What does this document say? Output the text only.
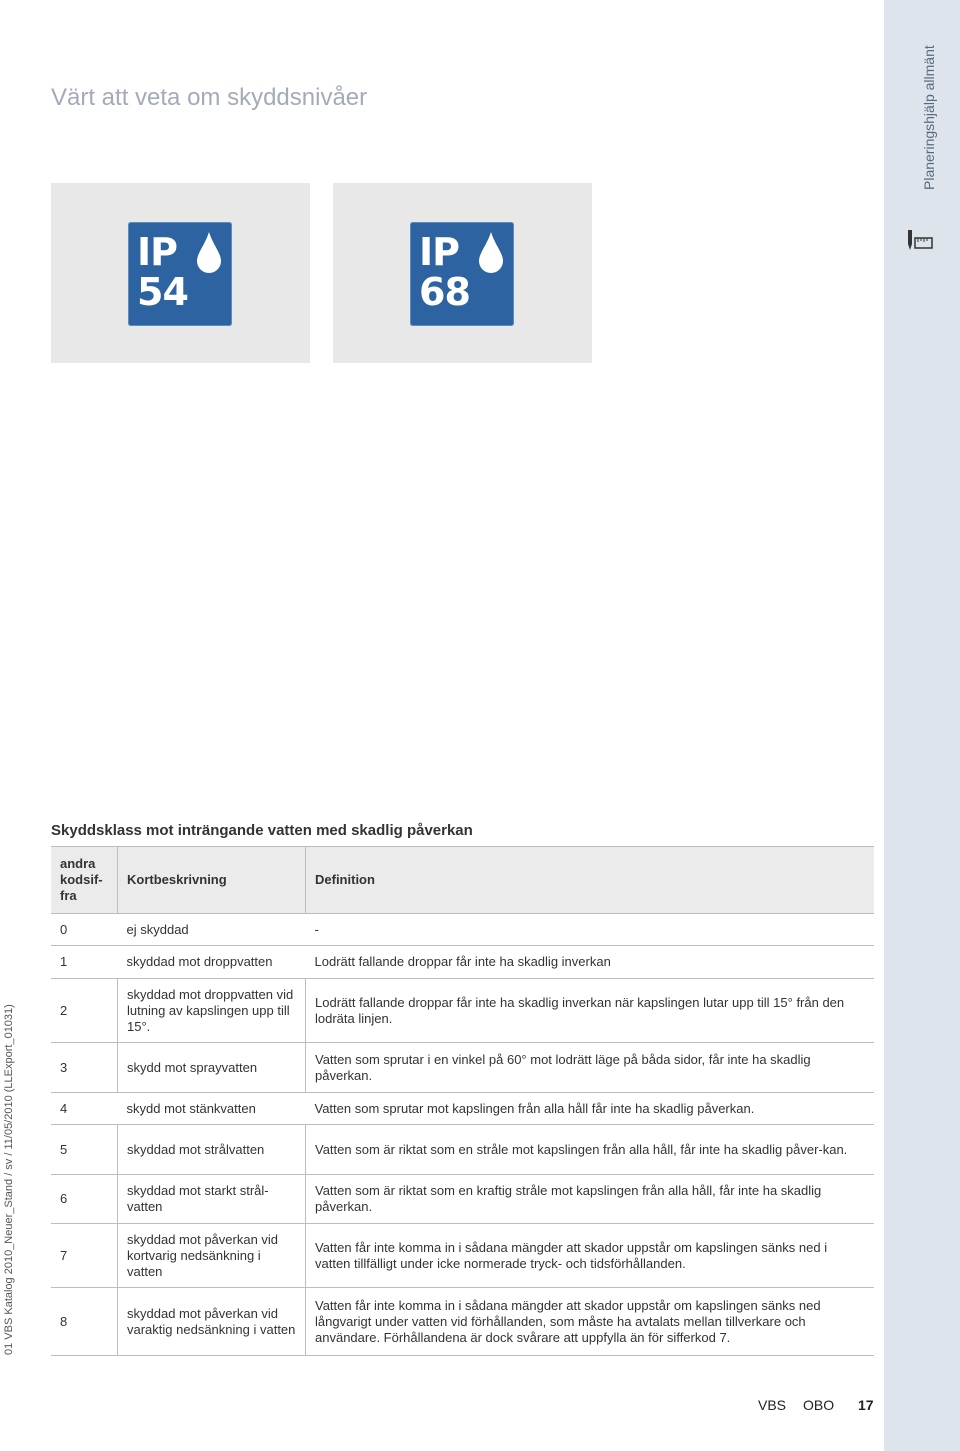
Planeringshjälp allmänt
01 VBS Katalog 2010_Neuer_Stand / sv / 11/05/2010 (LLExport_01031)
Värt att veta om skyddsnivåer
IP
54
IP
68
Skyddsklass mot inträngande vatten med skadlig påverkan
andra kodsif-fra	Kortbeskrivning	Definition
0	ej skyddad	-
1	skyddad mot droppvatten	Lodrätt fallande droppar får inte ha skadlig inverkan
2	skyddad mot droppvatten vid lutning av kapslingen upp till 15°.	Lodrätt fallande droppar får inte ha skadlig inverkan när kapslingen lutar upp till 15° från den lodräta linjen.
3	skydd mot sprayvatten	Vatten som sprutar i en vinkel på 60° mot lodrätt läge på båda sidor, får inte ha skadlig påverkan.
4	skydd mot stänkvatten	Vatten som sprutar mot kapslingen från alla håll får inte ha skadlig påverkan.
5	skyddad mot strålvatten	Vatten som är riktat som en stråle mot kapslingen från alla håll, får inte ha skadlig påver-kan.
6	skyddad mot starkt strål-vatten	Vatten som är riktat som en kraftig stråle mot kapslingen från alla håll, får inte ha skadlig påverkan.
7	skyddad mot påverkan vid kortvarig nedsänkning i vatten	Vatten får inte komma in i sådana mängder att skador uppstår om kapslingen sänks ned i vatten tillfälligt under icke normerade tryck- och tidsförhållanden.
8	skyddad mot påverkan vid varaktig nedsänkning i vatten	Vatten får inte komma in i sådana mängder att skador uppstår om kapslingen sänks ned långvarigt under vatten vid förhållanden, som måste ha avtalats mellan tillverkare och användare. Förhållandena är dock svårare att uppfylla än för sifferkod 7.
VBS OBO 17
